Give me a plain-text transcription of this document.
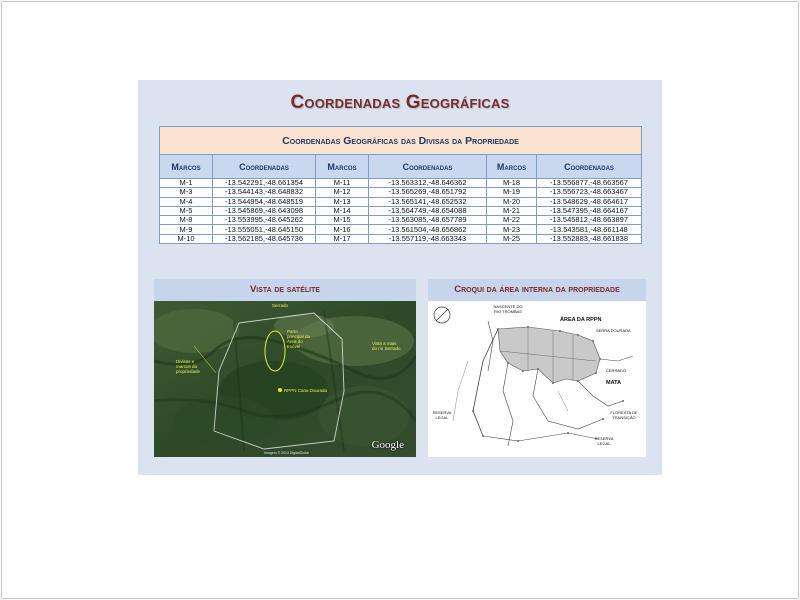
Coordenadas Geográficas
Coordenadas Geográficas das Divisas da Propriedade					
Marcos	Coordenadas	Marcos	Coordenadas	Marcos	Coordenadas
M-1	-13.542291,-48.661354	M-11	-13.563312,-48.646362	M-18	-13.556877,-48.663567
M-3	-13.544143,-48.648832	M-12	-13.565269,-48.651792	M-19	-13.556723,-48.663467
M-4	-13.544954,-48.648519	M-13	-13.565141,-48.652532	M-20	-13.548629,-48.664617
M-5	-13.545869,-48.643098	M-14	-13.564749,-48.654088	M-21	-13.547395,-48.664167
M-8	-13.553995,-48.645262	M-15	-13.563085,-48.657789	M-22	-13.545812,-48.663897
M-9	-13.555051,-48.645150	M-16	-13.561504,-48.656862	M-23	-13.543581,-48.661148
M-10	-13.562185,-48.645736	M-17	-13.557119,-48.663343	M-25	-13.552883,-48.661838
Vista de satélite	Croqui da área interna da propriedade
Serrado
Parte principal da Área do Imóvel
Divisas e marcos da propriedade
Vista a mais do rio Serrado
RPPN Cana Dourada
Google
Imagem © 2013 DigitalGlobe
NASCENTE DO RIO TROMBAS
ÁREA DA RPPN
SERRA DOURADA
MATA
RESERVA LEGAL
RESERVA LEGAL
FLORESTA DE TRANSIÇÃO
CERRADO
